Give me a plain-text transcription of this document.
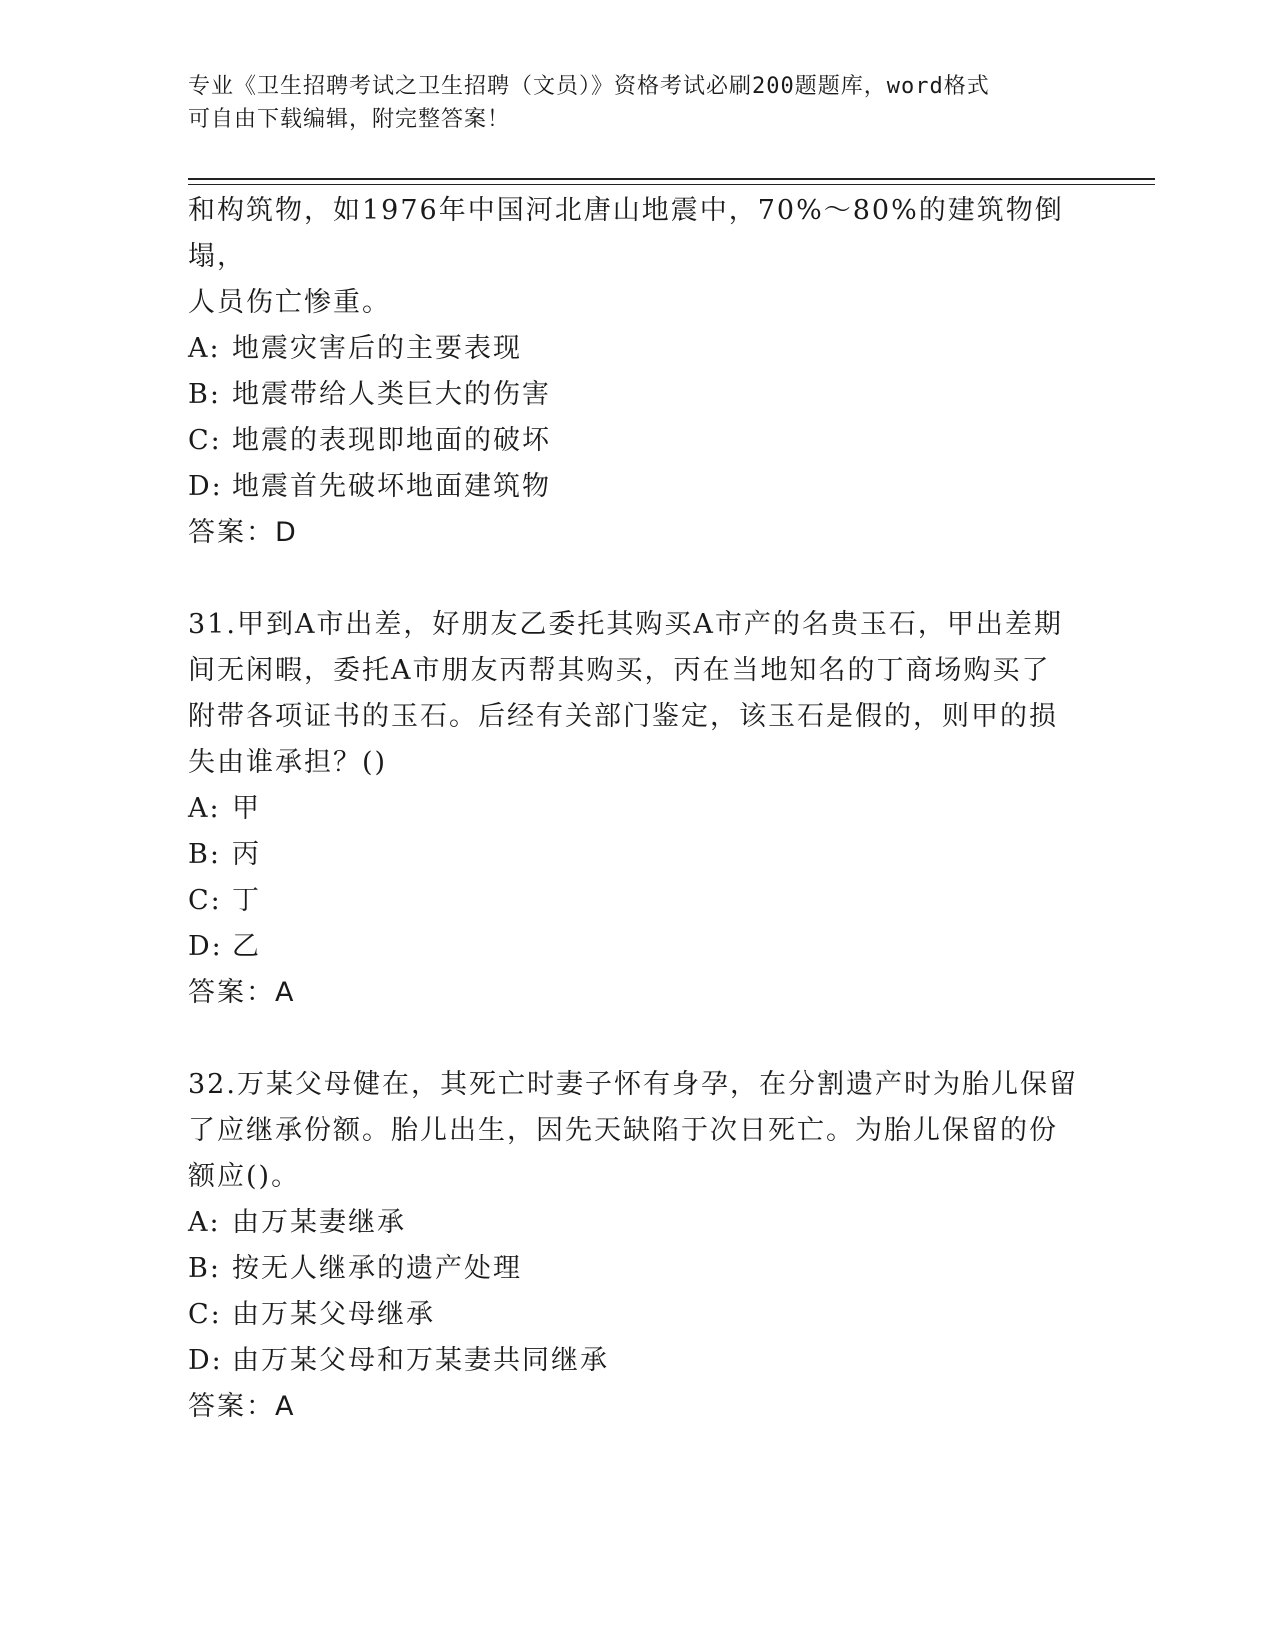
专业《卫生招聘考试之卫生招聘（文员）》资格考试必刷200题题库，word格式
可自由下载编辑，附完整答案！

和构筑物，如1976年中国河北唐山地震中，70%～80%的建筑物倒塌，

人员伤亡惨重。

A: 地震灾害后的主要表现

B: 地震带给人类巨大的伤害

C: 地震的表现即地面的破坏

D: 地震首先破坏地面建筑物

答案：D

31.甲到A市出差，好朋友乙委托其购买A市产的名贵玉石，甲出差期

间无闲暇，委托A市朋友丙帮其购买，丙在当地知名的丁商场购买了

附带各项证书的玉石。后经有关部门鉴定，该玉石是假的，则甲的损

失由谁承担？()

A: 甲

B: 丙

C: 丁

D: 乙

答案：A

32.万某父母健在，其死亡时妻子怀有身孕，在分割遗产时为胎儿保留

了应继承份额。胎儿出生，因先天缺陷于次日死亡。为胎儿保留的份

额应()。

A: 由万某妻继承

B: 按无人继承的遗产处理

C: 由万某父母继承

D: 由万某父母和万某妻共同继承

答案：A
